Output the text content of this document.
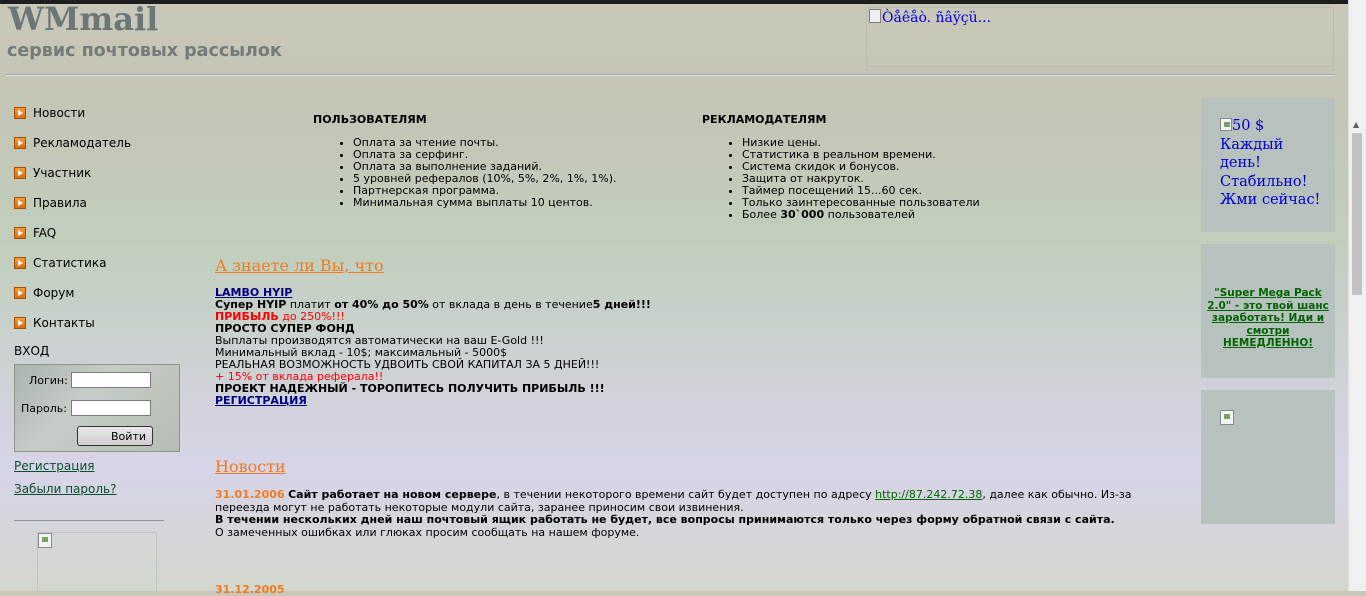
WMmail
сервис почтовых рассылок
Òåêåò. ñâÿçü...
Новости
Рекламодатель
Участник
Правила
FAQ
Статистика
Форум
Контакты
ВХОД
Логин:
Пароль:
Войти
Регистрация
Забыли пароль?
ПОЛЬЗОВАТЕЛЯМ
• Оплата за чтение почты.
• Оплата за серфинг.
• Оплата за выполнение заданий.
• 5 уровней рефералов (10%, 5%, 2%, 1%, 1%).
• Партнерская программа.
• Минимальная сумма выплаты 10 центов.
РЕКЛАМОДАТЕЛЯМ
• Низкие цены.
• Статистика в реальном времени.
• Система скидок и бонусов.
• Защита от накруток.
• Таймер посещений 15...60 сек.
• Только заинтересованные пользователи
• Более 30`000 пользователей
А знаете ли Вы, что
LAMBO HYIP
Супер HYIP платит от 40% до 50% от вклада в день в течение5 дней!!!
ПРИБЫЛЬ до 250%!!!
ПРОСТО СУПЕР ФОНД
Выплаты производятся автоматически на ваш E-Gold !!!
Минимальный вклад - 10$; максимальный - 5000$
РЕАЛЬНАЯ ВОЗМОЖНОСТЬ УДВОИТЬ СВОЙ КАПИТАЛ ЗА 5 ДНЕЙ!!!
+ 15% от вклада реферала!!
ПРОЕКТ НАДЕЖНЫЙ - ТОРОПИТЕСЬ ПОЛУЧИТЬ ПРИБЫЛЬ !!!
РЕГИСТРАЦИЯ
Новости
31.01.2006 Сайт работает на новом сервере, в течении некоторого времени сайт будет доступен по адресу http://87.242.72.38, далее как обычно. Из-за переезда могут не работать некоторые модули сайта, заранее приносим свои извинения.
В течении нескольких дней наш почтовый ящик работать не будет, все вопросы принимаются только через форму обратной связи с сайта.
О замеченных ошибках или глюках просим сообщать на нашем форуме.
31.12.2005
50 $ Каждый день! Стабильно! Жми сейчас!
"Super Mega Pack 2.0" - это твой шанс заработать! Иди и смотри НЕМЕДЛЕННО!
▲
